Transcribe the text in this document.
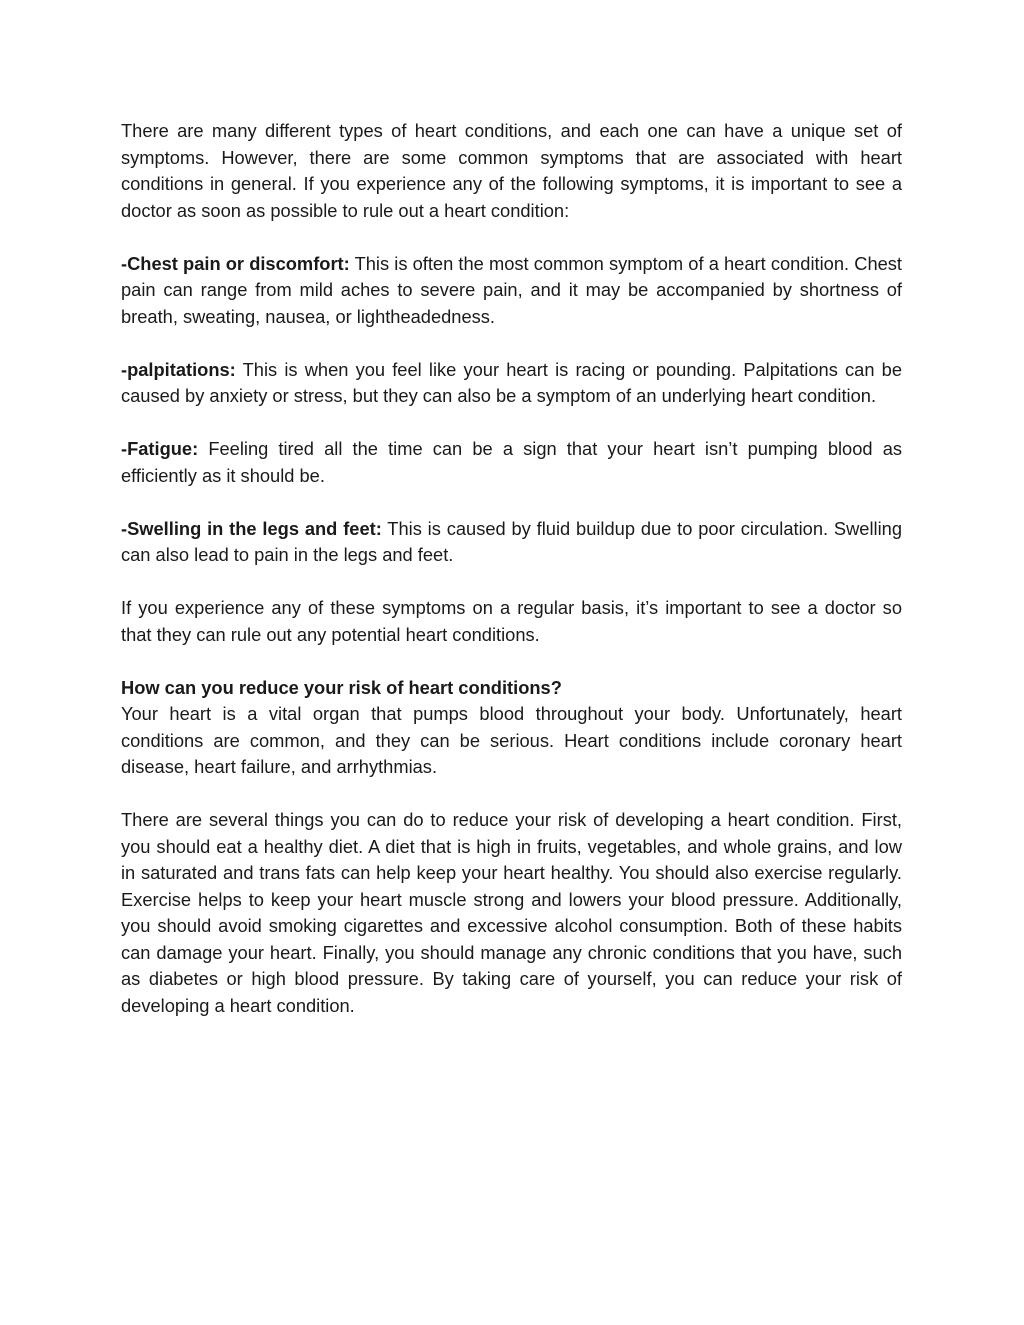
There are many different types of heart conditions, and each one can have a unique set of symptoms. However, there are some common symptoms that are associated with heart conditions in general. If you experience any of the following symptoms, it is important to see a doctor as soon as possible to rule out a heart condition:

-Chest pain or discomfort: This is often the most common symptom of a heart condition. Chest pain can range from mild aches to severe pain, and it may be accompanied by shortness of breath, sweating, nausea, or lightheadedness.

-palpitations: This is when you feel like your heart is racing or pounding. Palpitations can be caused by anxiety or stress, but they can also be a symptom of an underlying heart condition.

-Fatigue: Feeling tired all the time can be a sign that your heart isn’t pumping blood as efficiently as it should be.

-Swelling in the legs and feet: This is caused by fluid buildup due to poor circulation. Swelling can also lead to pain in the legs and feet.

If you experience any of these symptoms on a regular basis, it’s important to see a doctor so that they can rule out any potential heart conditions.

How can you reduce your risk of heart conditions?

Your heart is a vital organ that pumps blood throughout your body. Unfortunately, heart conditions are common, and they can be serious. Heart conditions include coronary heart disease, heart failure, and arrhythmias.

There are several things you can do to reduce your risk of developing a heart condition. First, you should eat a healthy diet. A diet that is high in fruits, vegetables, and whole grains, and low in saturated and trans fats can help keep your heart healthy. You should also exercise regularly. Exercise helps to keep your heart muscle strong and lowers your blood pressure. Additionally, you should avoid smoking cigarettes and excessive alcohol consumption. Both of these habits can damage your heart. Finally, you should manage any chronic conditions that you have, such as diabetes or high blood pressure. By taking care of yourself, you can reduce your risk of developing a heart condition.
